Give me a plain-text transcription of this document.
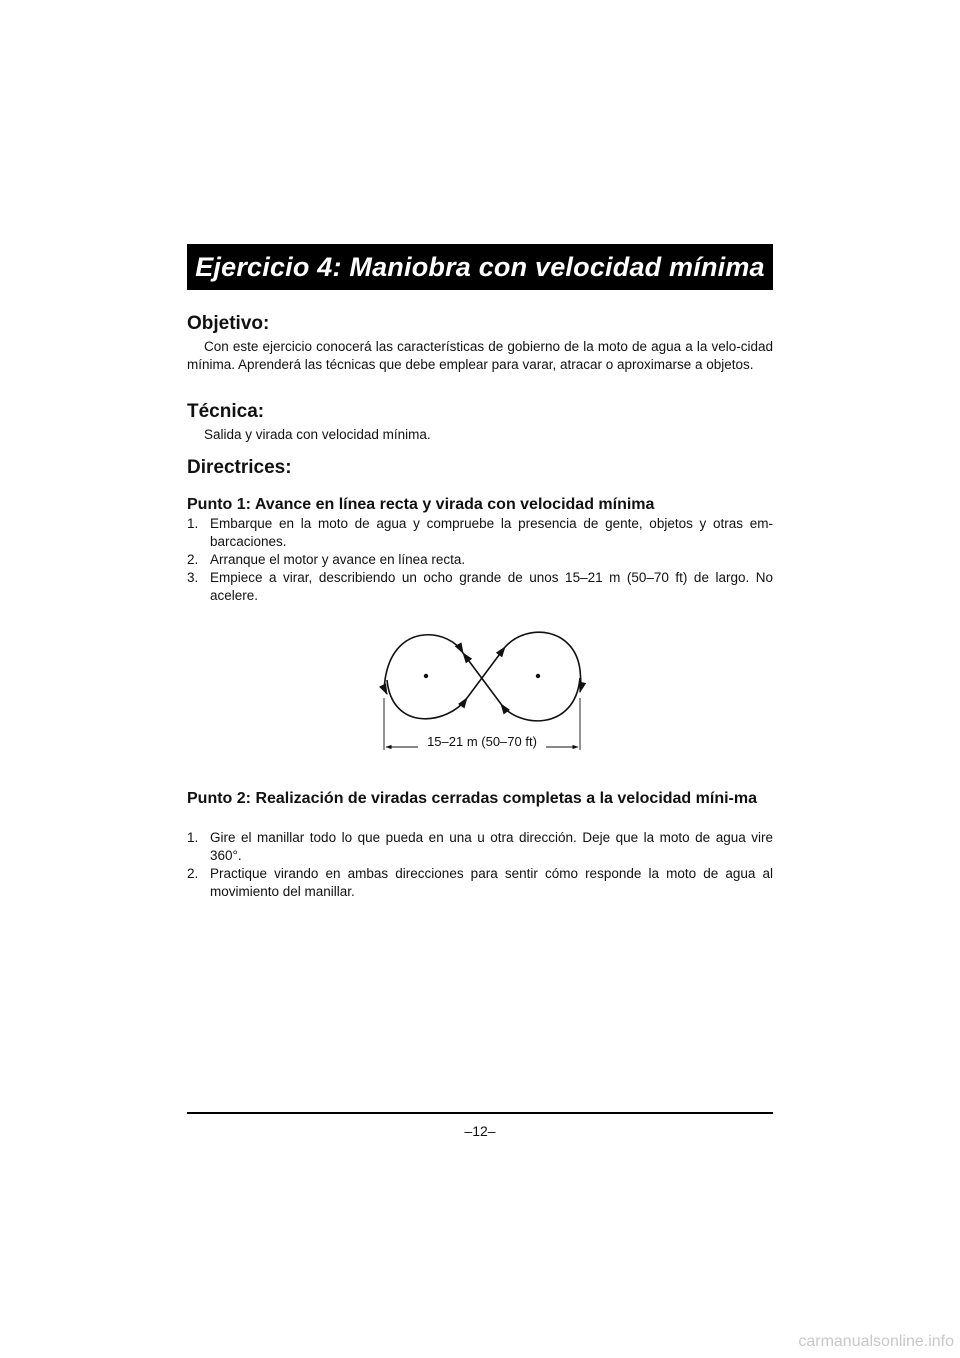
Ejercicio 4: Maniobra con velocidad mínima
Objetivo:

Con este ejercicio conocerá las características de gobierno de la moto de agua a la velo-cidad mínima. Aprenderá las técnicas que debe emplear para varar, atracar o aproximarse a objetos.

Técnica:

Salida y virada con velocidad mínima.

Directrices:
Punto 1: Avance en línea recta y virada con velocidad mínima
1. Embarque en la moto de agua y compruebe la presencia de gente, objetos y otras em-barcaciones.
2. Arranque el motor y avance en línea recta.
3. Empiece a virar, describiendo un ocho grande de unos 15–21 m (50–70 ft) de largo. No acelere.
15–21 m (50–70 ft)
Punto 2: Realización de viradas cerradas completas a la velocidad míni-ma
1. Gire el manillar todo lo que pueda en una u otra dirección. Deje que la moto de agua vire 360°.
2. Practique virando en ambas direcciones para sentir cómo responde la moto de agua al movimiento del manillar.
–12–
carmanualsonline.info
